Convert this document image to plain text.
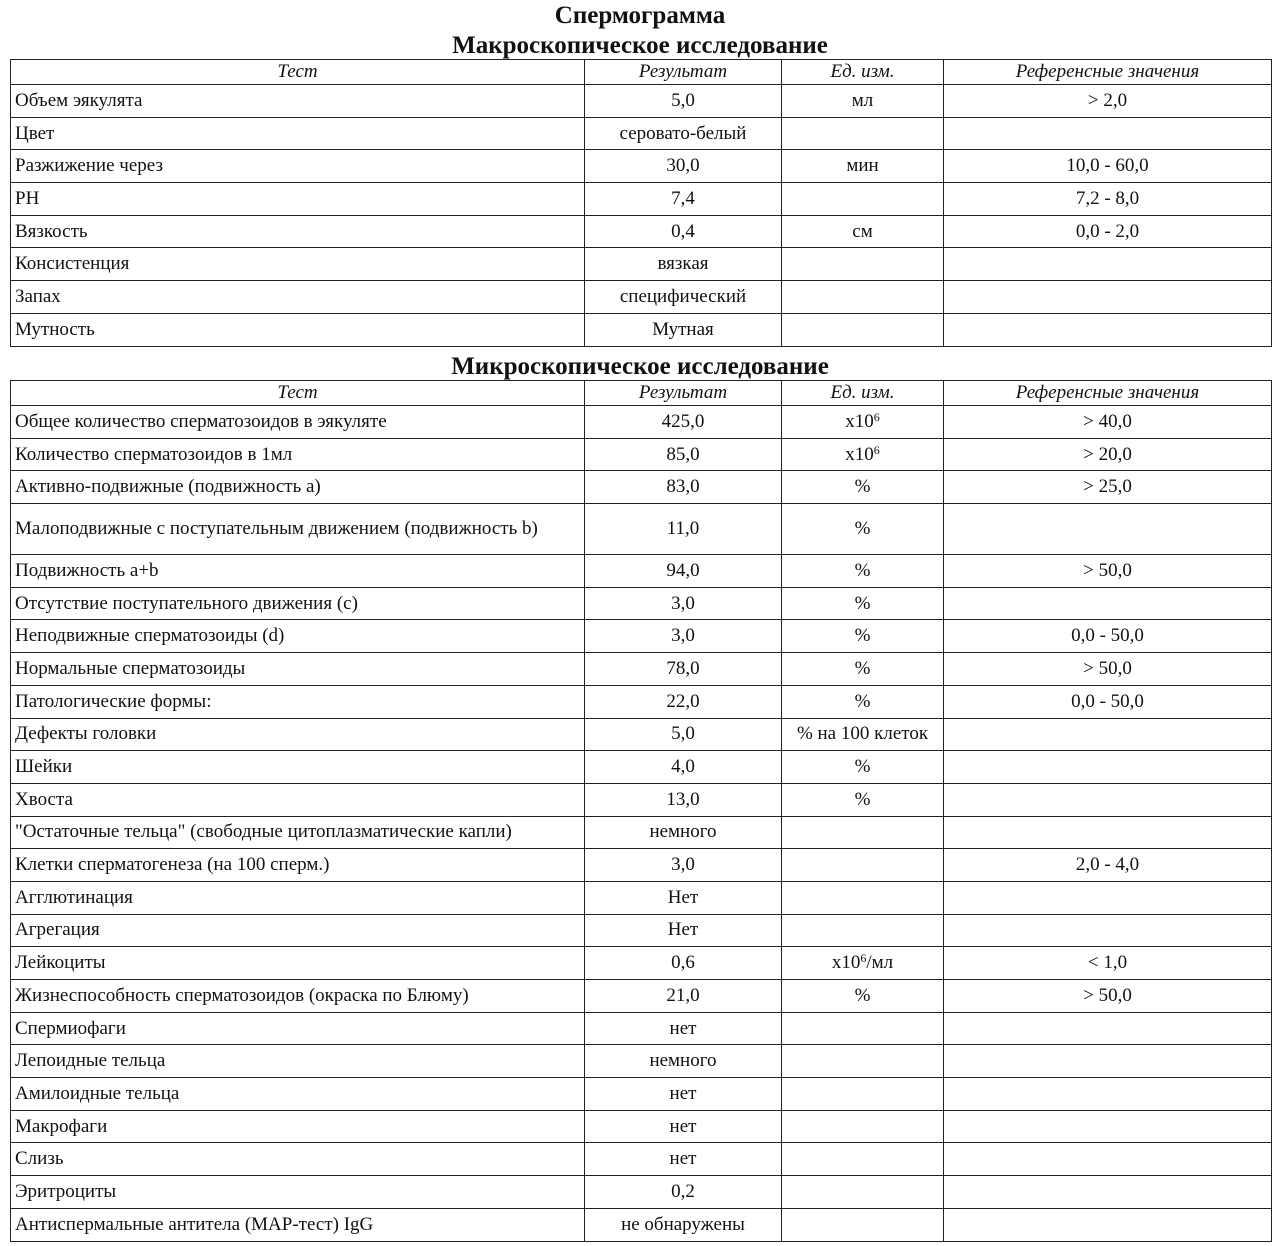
Спермограмма
Макроскопическое исследование
Тест	Результат	Ед. изм.	Референсные значения
Объем эякулята	5,0	мл	> 2,0
Цвет	серовато-белый		
Разжижение через	30,0	мин	10,0 - 60,0
PH	7,4		7,2 - 8,0
Вязкость	0,4	см	0,0 - 2,0
Консистенция	вязкая		
Запах	специфический		
Мутность	Мутная		
Микроскопическое исследование
Тест	Результат	Ед. изм.	Референсные значения
Общее количество сперматозоидов в эякуляте	425,0	$x10^6$	> 40,0
Количество сперматозоидов в 1мл	85,0	$x10^6$	> 20,0
Активно-подвижные (подвижность a)	83,0	%	> 25,0
Малоподвижные с поступательным движением (подвижность b)	11,0	%	
Подвижность a+b	94,0	%	> 50,0
Отсутствие поступательного движения (c)	3,0	%	
Неподвижные сперматозоиды (d)	3,0	%	0,0 - 50,0
Нормальные сперматозоиды	78,0	%	> 50,0
Патологические формы:	22,0	%	0,0 - 50,0
Дефекты головки	5,0	% на 100 клеток	
Шейки	4,0	%	
Хвоста	13,0	%	
"Остаточные тельца" (свободные цитоплазматические капли)	немного		
Клетки сперматогенеза (на 100 сперм.)	3,0		2,0 - 4,0
Агглютинация	Нет		
Агрегация	Нет		
Лейкоциты	0,6	$x10^6/мл$	< 1,0
Жизнеспособность сперматозоидов (окраска по Блюму)	21,0	%	> 50,0
Спермиофаги	нет		
Лепоидные тельца	немного		
Амилоидные тельца	нет		
Макрофаги	нет		
Слизь	нет		
Эритроциты	0,2		
Антиспермальные антитела (MAP-тест) IgG	не обнаружены		
